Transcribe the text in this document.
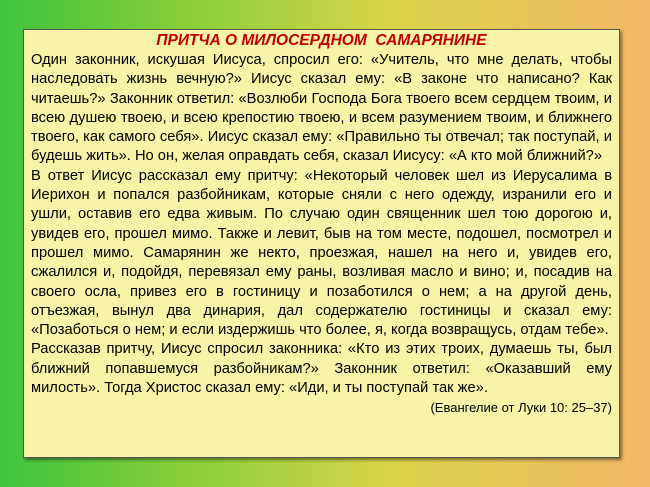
ПРИТЧА О МИЛОСЕРДНОМ  САМАРЯНИНЕ

Один законник, искушая Иисуса, спросил его: «Учитель, что мне делать, чтобы наследовать жизнь вечную?» Иисус сказал ему: «В законе что написано? Как читаешь?» Законник ответил: «Возлюби Господа Бога твоего всем сердцем твоим, и всею душею твоею, и всею крепостию твоею, и всем разумением твоим, и ближнего твоего, как самого себя». Иисус сказал ему: «Правильно ты отвечал; так поступай, и будешь жить». Но он, желая оправдать себя, сказал Иисусу: «А кто мой ближний?»

В ответ Иисус рассказал ему притчу: «Некоторый человек шел из Иерусалима в Иерихон и попался разбойникам, которые сняли с него одежду, изранили его и ушли, оставив его едва живым. По случаю один священник шел тою дорогою и, увидев его, прошел мимо. Также и левит, быв на том месте, подошел, посмотрел и прошел мимо. Самарянин же некто, проезжая, нашел на него и, увидев его, сжалился и, подойдя, перевязал ему раны, возливая масло и вино; и, посадив на своего осла, привез его в гостиницу и позаботился о нем; а на другой день, отъезжая, вынул два динария, дал содержателю гостиницы и сказал ему: «Позаботься о нем; и если издержишь что более, я, когда возвращусь, отдам тебе».

Рассказав притчу, Иисус спросил законника: «Кто из этих троих, думаешь ты, был ближний попавшемуся разбойникам?» Законник ответил: «Оказавший ему милость». Тогда Христос сказал ему: «Иди, и ты поступай так же».

(Евангелие от Луки 10: 25–37)
